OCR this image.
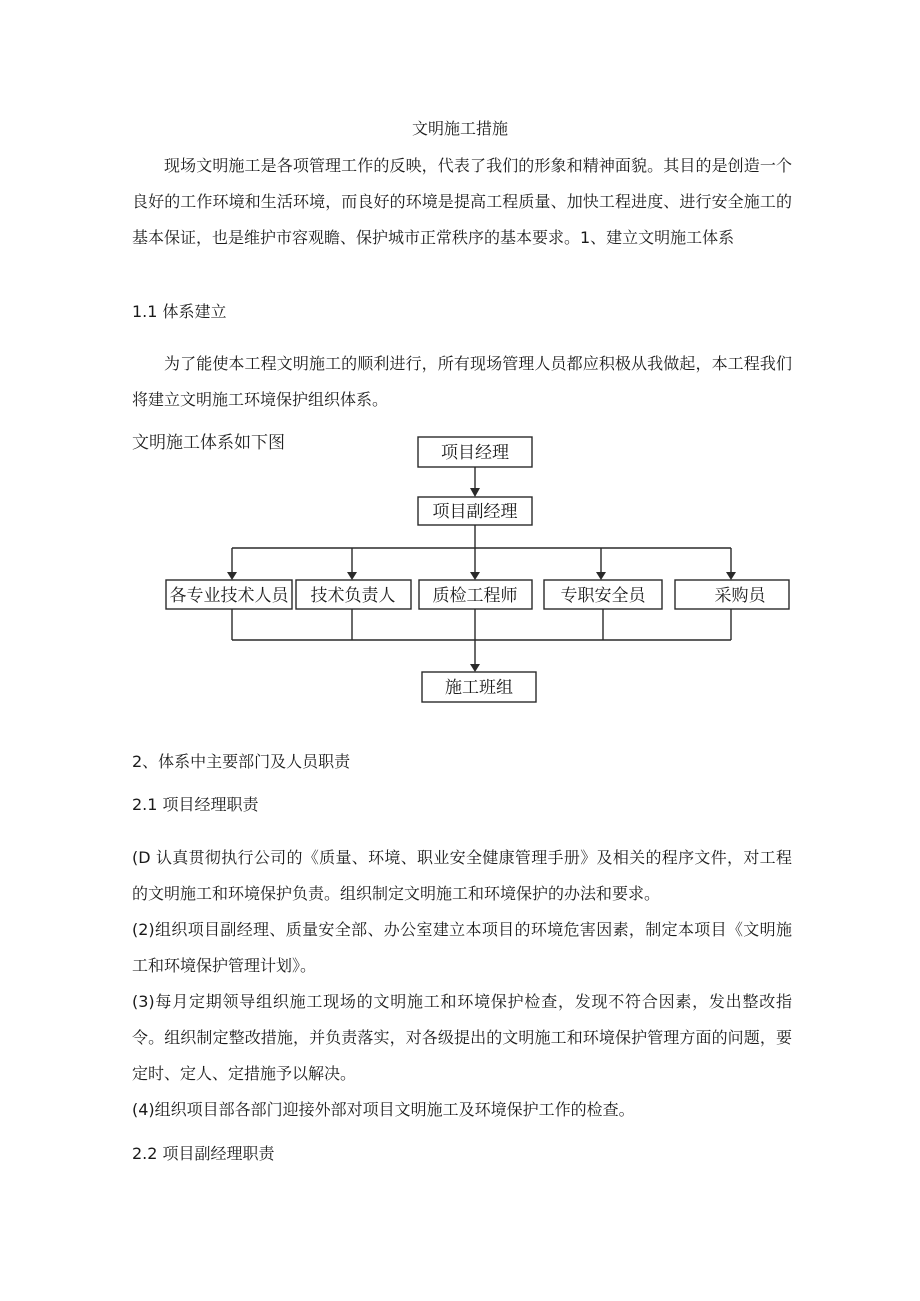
文明施工措施

现场文明施工是各项管理工作的反映，代表了我们的形象和精神面貌。其目的是创造一个良好的工作环境和生活环境，而良好的环境是提高工程质量、加快工程进度、进行安全施工的基本保证，也是维护市容观瞻、保护城市正常秩序的基本要求。1、建立文明施工体系

1.1 体系建立

为了能使本工程文明施工的顺利进行，所有现场管理人员都应积极从我做起，本工程我们将建立文明施工环境保护组织体系。

文明施工体系如下图	项目经理
项目副经理
各专业技术人员 技术负责人 质检工程师	专职安全员	采购员
施工班组
2、体系中主要部门及人员职责
2.1 项目经理职责

(D 认真贯彻执行公司的《质量、环境、职业安全健康管理手册》及相关的程序文件，对工程的文明施工和环境保护负责。组织制定文明施工和环境保护的办法和要求。

(2)组织项目副经理、质量安全部、办公室建立本项目的环境危害因素，制定本项目《文明施工和环境保护管理计划》。

(3)每月定期领导组织施工现场的文明施工和环境保护检查，发现不符合因素，发出整改指令。组织制定整改措施，并负责落实，对各级提出的文明施工和环境保护管理方面的问题，要定时、定人、定措施予以解决。

(4)组织项目部各部门迎接外部对项目文明施工及环境保护工作的检查。

2.2 项目副经理职责
